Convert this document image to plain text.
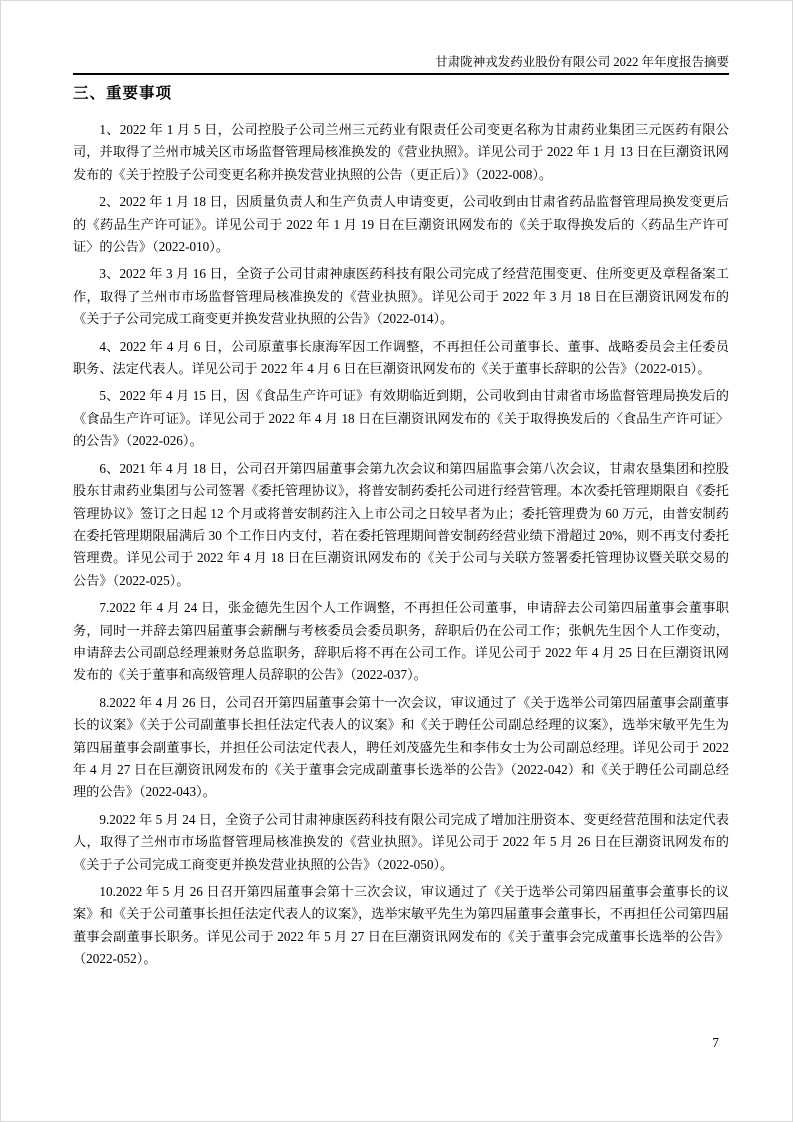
甘肃陇神戎发药业股份有限公司 2022 年年度报告摘要
三、重要事项

1、2022 年 1 月 5 日，公司控股子公司兰州三元药业有限责任公司变更名称为甘肃药业集团三元医药有限公司，并取得了兰州市城关区市场监督管理局核准换发的《营业执照》。详见公司于 2022 年 1 月 13 日在巨潮资讯网发布的《关于控股子公司变更名称并换发营业执照的公告（更正后）》（2022-008）。

2、2022 年 1 月 18 日，因质量负责人和生产负责人申请变更，公司收到由甘肃省药品监督管理局换发变更后的《药品生产许可证》。详见公司于 2022 年 1 月 19 日在巨潮资讯网发布的《关于取得换发后的〈药品生产许可证〉的公告》（2022-010）。

3、2022 年 3 月 16 日，全资子公司甘肃神康医药科技有限公司完成了经营范围变更、住所变更及章程备案工作，取得了兰州市市场监督管理局核准换发的《营业执照》。详见公司于 2022 年 3 月 18 日在巨潮资讯网发布的《关于子公司完成工商变更并换发营业执照的公告》（2022-014）。

4、2022 年 4 月 6 日，公司原董事长康海军因工作调整，不再担任公司董事长、董事、战略委员会主任委员职务、法定代表人。详见公司于 2022 年 4 月 6 日在巨潮资讯网发布的《关于董事长辞职的公告》（2022-015）。

5、2022 年 4 月 15 日，因《食品生产许可证》有效期临近到期，公司收到由甘肃省市场监督管理局换发后的《食品生产许可证》。详见公司于 2022 年 4 月 18 日在巨潮资讯网发布的《关于取得换发后的〈食品生产许可证〉的公告》（2022-026）。

6、2021 年 4 月 18 日，公司召开第四届董事会第九次会议和第四届监事会第八次会议，甘肃农垦集团和控股股东甘肃药业集团与公司签署《委托管理协议》，将普安制药委托公司进行经营管理。本次委托管理期限自《委托管理协议》签订之日起 12 个月或将普安制药注入上市公司之日较早者为止；委托管理费为 60 万元，由普安制药在委托管理期限届满后 30 个工作日内支付，若在委托管理期间普安制药经营业绩下滑超过 20%，则不再支付委托管理费。详见公司于 2022 年 4 月 18 日在巨潮资讯网发布的《关于公司与关联方签署委托管理协议暨关联交易的公告》（2022-025）。

7.2022 年 4 月 24 日，张金德先生因个人工作调整，不再担任公司董事，申请辞去公司第四届董事会董事职务，同时一并辞去第四届董事会薪酬与考核委员会委员职务，辞职后仍在公司工作；张帆先生因个人工作变动，申请辞去公司副总经理兼财务总监职务，辞职后将不再在公司工作。详见公司于 2022 年 4 月 25 日在巨潮资讯网发布的《关于董事和高级管理人员辞职的公告》（2022-037）。

8.2022 年 4 月 26 日，公司召开第四届董事会第十一次会议，审议通过了《关于选举公司第四届董事会副董事长的议案》《关于公司副董事长担任法定代表人的议案》和《关于聘任公司副总经理的议案》，选举宋敏平先生为第四届董事会副董事长，并担任公司法定代表人，聘任刘茂盛先生和李伟女士为公司副总经理。详见公司于 2022 年 4 月 27 日在巨潮资讯网发布的《关于董事会完成副董事长选举的公告》（2022-042）和《关于聘任公司副总经理的公告》（2022-043）。

9.2022 年 5 月 24 日，全资子公司甘肃神康医药科技有限公司完成了增加注册资本、变更经营范围和法定代表人，取得了兰州市市场监督管理局核准换发的《营业执照》。详见公司于 2022 年 5 月 26 日在巨潮资讯网发布的《关于子公司完成工商变更并换发营业执照的公告》（2022-050）。

10.2022 年 5 月 26 日召开第四届董事会第十三次会议，审议通过了《关于选举公司第四届董事会董事长的议案》和《关于公司董事长担任法定代表人的议案》，选举宋敏平先生为第四届董事会董事长，不再担任公司第四届董事会副董事长职务。详见公司于 2022 年 5 月 27 日在巨潮资讯网发布的《关于董事会完成董事长选举的公告》（2022-052）。

7
